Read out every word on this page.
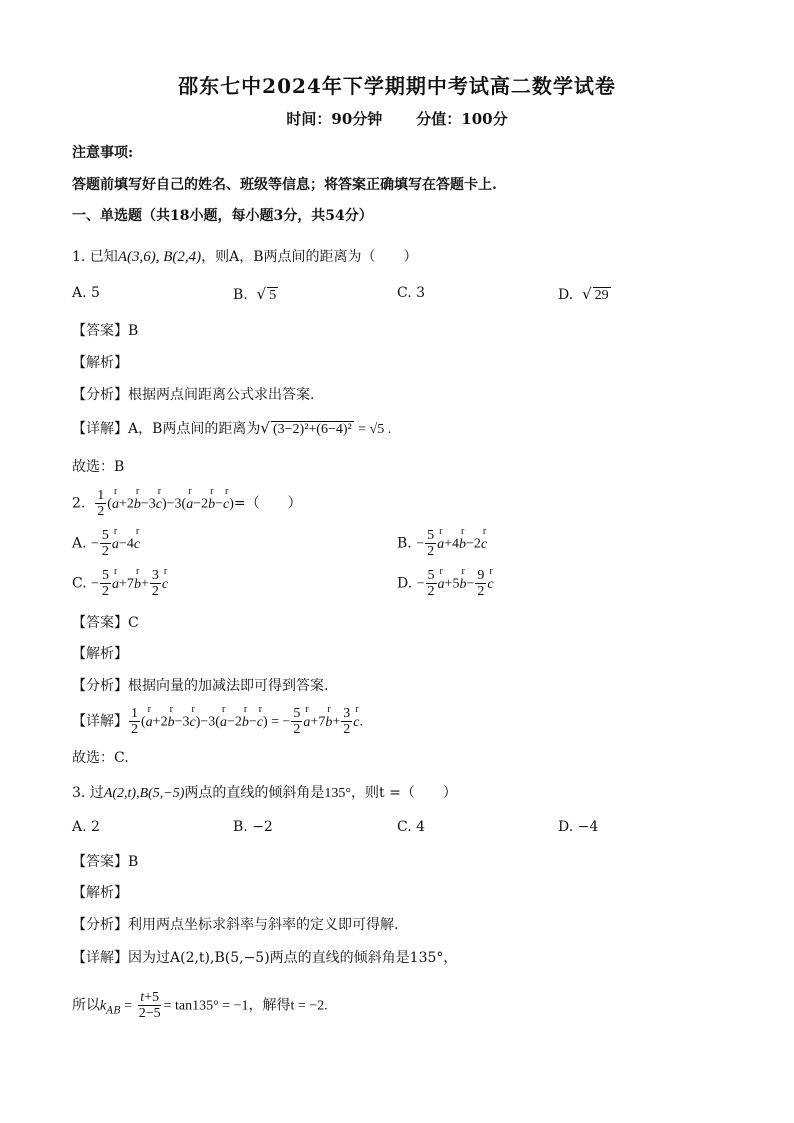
邵东七中2024年下学期期中考试高二数学试卷
时间：90分钟 分值：100分
注意事项:
答题前填写好自己的姓名、班级等信息；将答案正确填写在答题卡上.
一、单选题（共18小题，每小题3分，共54分）
1. 已知A(3,6), B(2,4)，则A，B两点间的距离为（　　）
A. 5	B. √ 5	C. 3	D. √ 29
【答案】B
【解析】
【分析】根据两点间距离公式求出答案.
【详解】A，B两点间的距离为√ (3−2)²+(6−4)² = √5 .
故选：B
2. $\frac{1}{2} (r$ a+2r b−3r c)−3(r a−2r b−r c)=（　　）
A. − $\frac{5}{2}$ r a−4r c	B. − $\frac{5}{2}$ r a+4r b−2r c
C. − $\frac{5}{2}$ r a+7r $b+ \frac{3}{2}$ r c	D. − $\frac{5}{2}$ r a+5r $b- \frac{9}{2}$ r c
【答案】C
【解析】
【分析】根据向量的加减法即可得到答案.
【详解】 $\frac{1}{2} (r$ a+2r b−3r c)−3(r a−2r b−r c) = − $\frac{5}{2}$ r a+7r $b+ \frac{3}{2}$ r c.
故选：C.
3. 过A(2,t),B(5,−5)两点的直线的倾斜角是135°，则t =（　　）
A. 2	B. −2	C. 4	D. −4
【答案】B
【解析】
【分析】利用两点坐标求斜率与斜率的定义即可得解.
【详解】因为过A(2,t),B(5,−5)两点的直线的倾斜角是135°，
所以$k_{AB} = \frac{t+5}{2-5} = \tan 135^\circ = -1$，解得t = −2.
